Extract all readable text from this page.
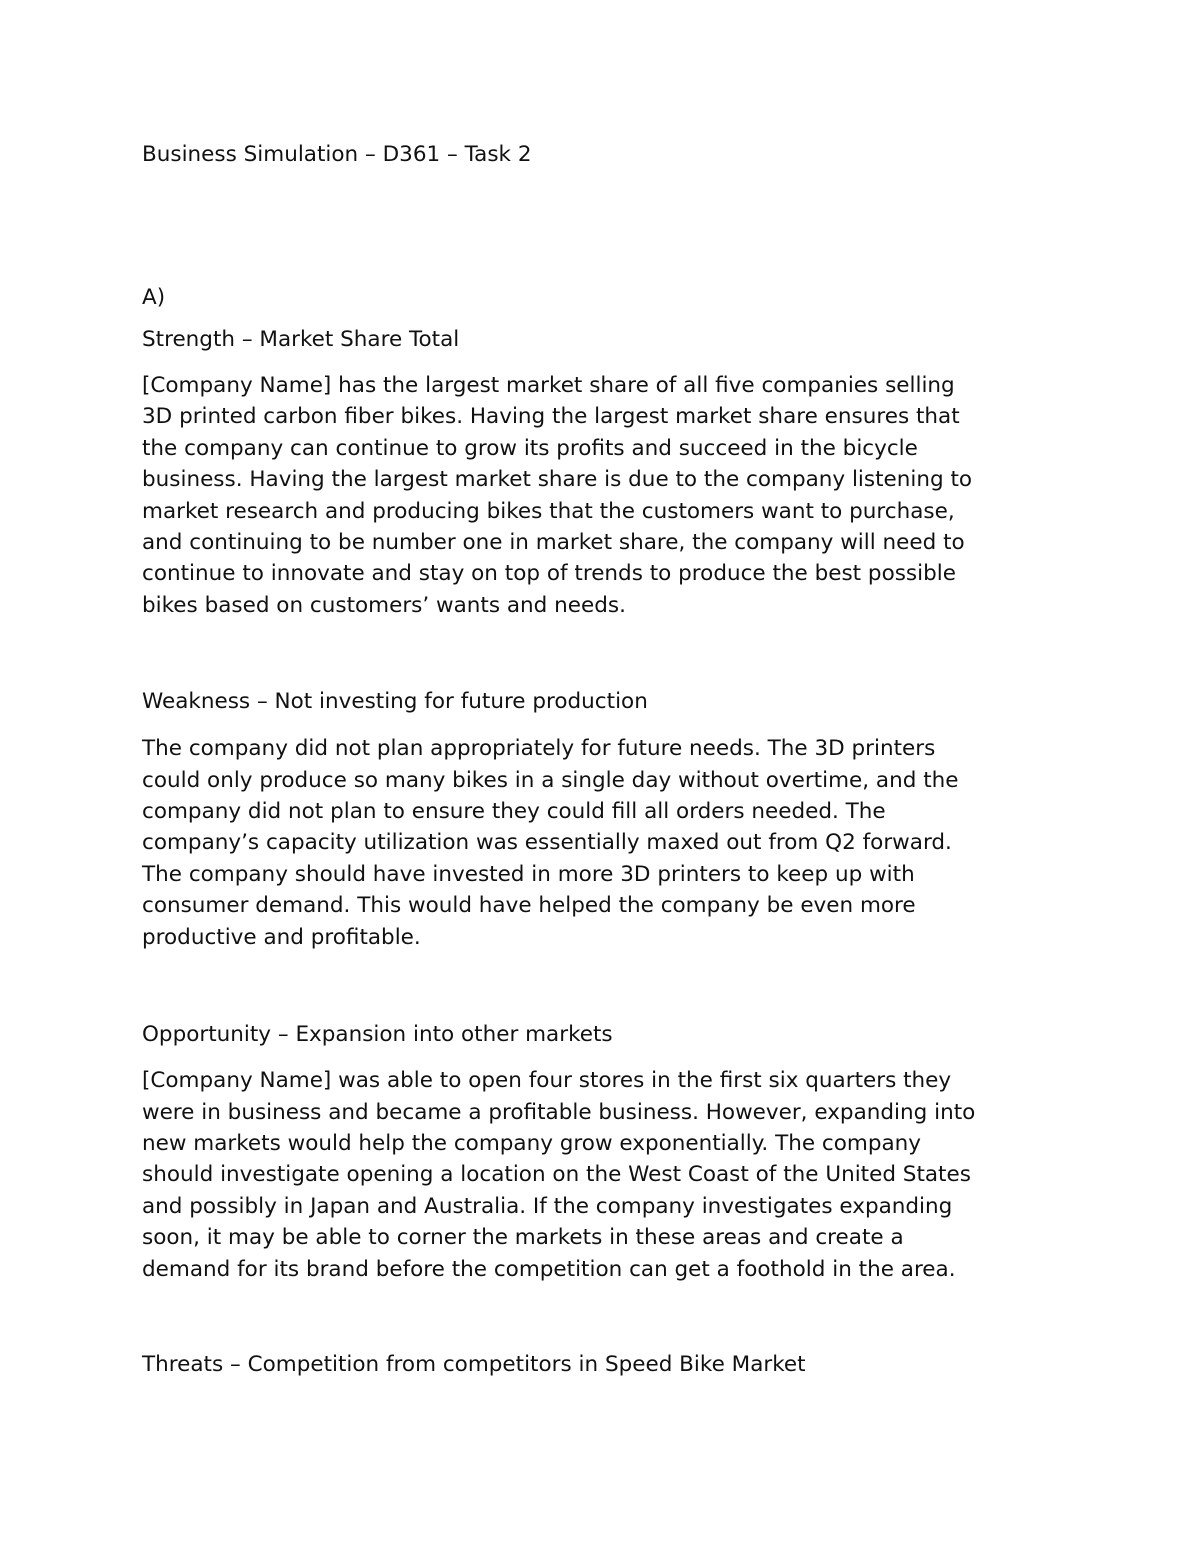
Business Simulation – D361 – Task 2

A)

Strength – Market Share Total

[Company Name] has the largest market share of all five companies selling
3D printed carbon fiber bikes. Having the largest market share ensures that
the company can continue to grow its profits and succeed in the bicycle
business. Having the largest market share is due to the company listening to
market research and producing bikes that the customers want to purchase,
and continuing to be number one in market share, the company will need to
continue to innovate and stay on top of trends to produce the best possible
bikes based on customers’ wants and needs.

Weakness – Not investing for future production

The company did not plan appropriately for future needs. The 3D printers
could only produce so many bikes in a single day without overtime, and the
company did not plan to ensure they could fill all orders needed. The
company’s capacity utilization was essentially maxed out from Q2 forward.
The company should have invested in more 3D printers to keep up with
consumer demand. This would have helped the company be even more
productive and profitable.

Opportunity – Expansion into other markets

[Company Name] was able to open four stores in the first six quarters they
were in business and became a profitable business. However, expanding into
new markets would help the company grow exponentially. The company
should investigate opening a location on the West Coast of the United States
and possibly in Japan and Australia. If the company investigates expanding
soon, it may be able to corner the markets in these areas and create a
demand for its brand before the competition can get a foothold in the area.

Threats – Competition from competitors in Speed Bike Market
